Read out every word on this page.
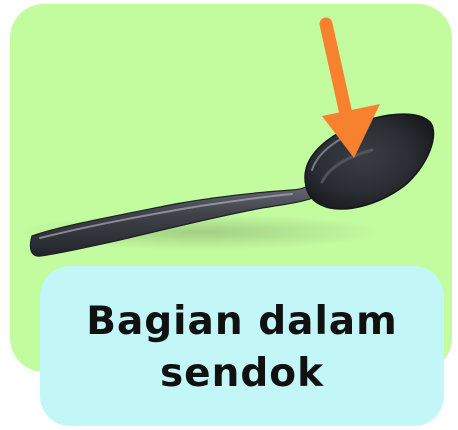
Bagian dalam sendok
